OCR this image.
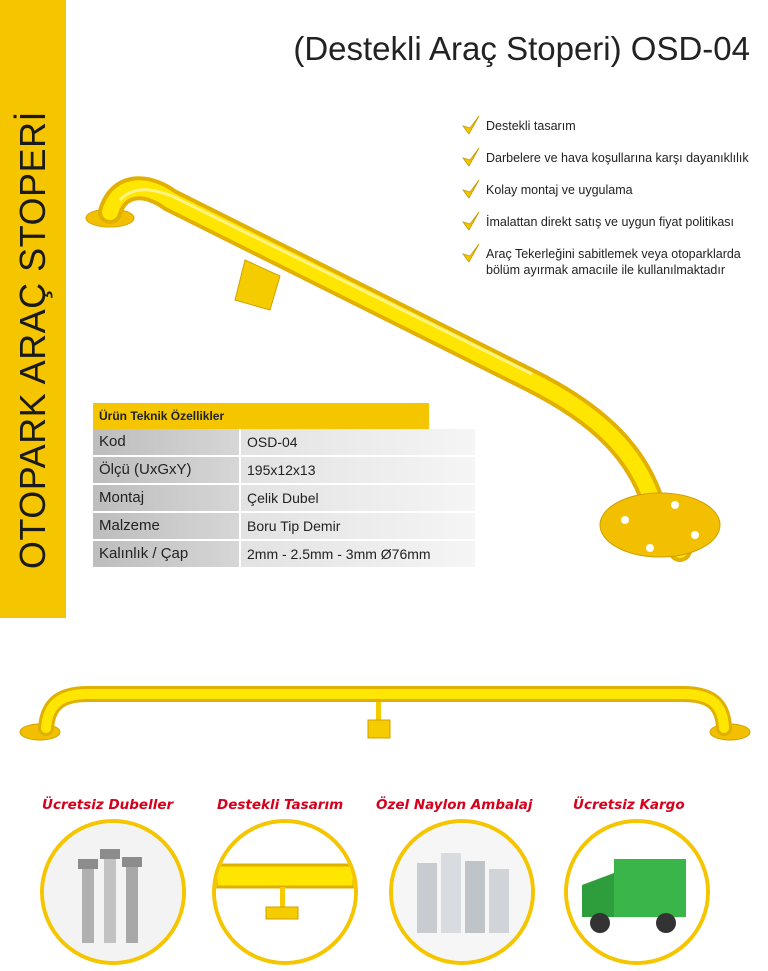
OTOPARK ARAÇ STOPERİ
(Destekli Araç Stoperi) OSD-04
Destekli tasarım
Darbelere ve hava koşullarına karşı dayanıklılık
Kolay montaj ve uygulama
İmalattan direkt satış ve uygun fiyat politikası
Araç Tekerleğini sabitlemek veya otoparklarda bölüm ayırmak amacıile ile kullanılmaktadır
Ürün Teknik Özellikler
Kod	OSD-04
Ölçü (UxGxY)	195x12x13
Montaj	Çelik Dubel
Malzeme	Boru Tip Demir
Kalınlık / Çap	2mm - 2.5mm - 3mm Ø76mm
Ücretsiz Dubeller	Destekli Tasarım Özel Naylon Ambalaj	Ücretsiz Kargo
